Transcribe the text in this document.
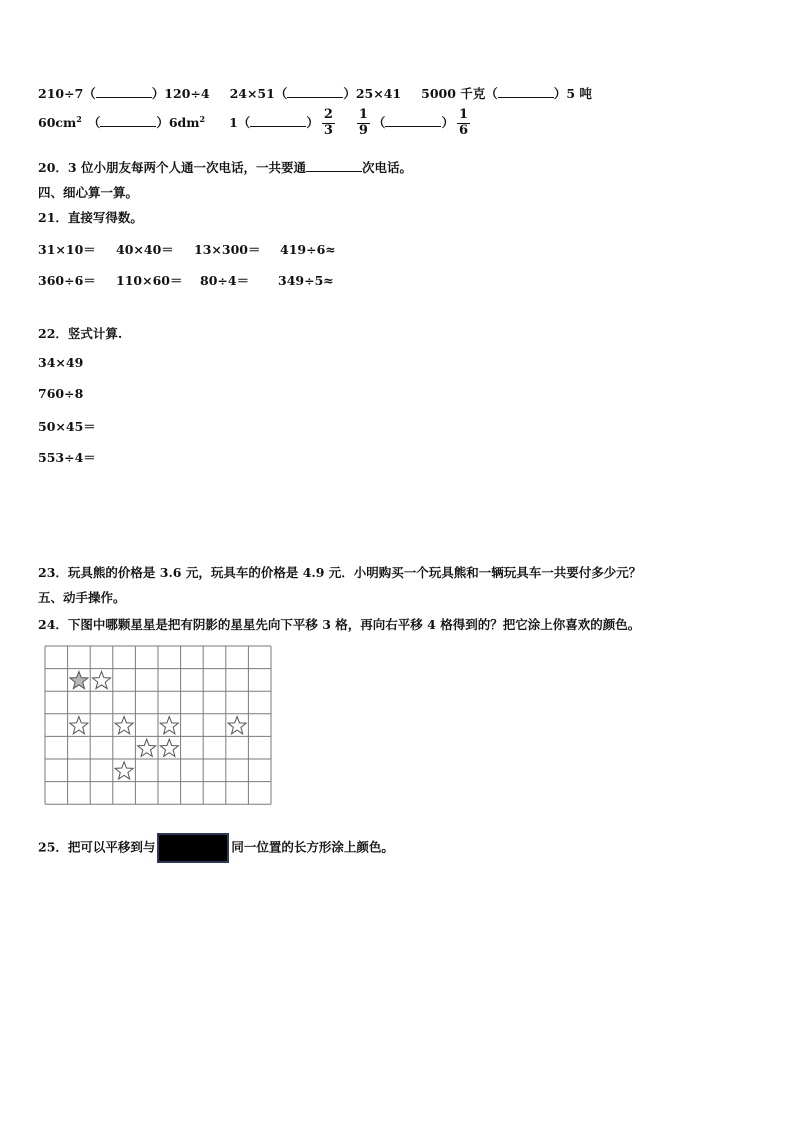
210÷7（	）120÷4 24×51（	）25×41 5000 千克（	）5 吨
$60cm^2$ （	）$6dm^2$ 1（	） $\frac{2}{3} \frac{1}{9}$ （	） $\frac{1}{6}$
20．3 位小朋友每两个人通一次电话，一共要通	次电话。
四、细心算一算。
21．直接写得数。
31×10＝ 40×40＝ 13×300＝ 419÷6≈
360÷6＝ 110×60＝ 80÷4＝ 349÷5≈
22．竖式计算.
34×49
760÷8
50×45＝
553÷4＝
23．玩具熊的价格是 3.6 元，玩具车的价格是 4.9 元．小明购买一个玩具熊和一辆玩具车一共要付多少元？
五、动手操作。
24．下图中哪颗星星是把有阴影的星星先向下平移 3 格，再向右平移 4 格得到的？把它涂上你喜欢的颜色。
25．把可以平移到与	同一位置的长方形涂上颜色。
